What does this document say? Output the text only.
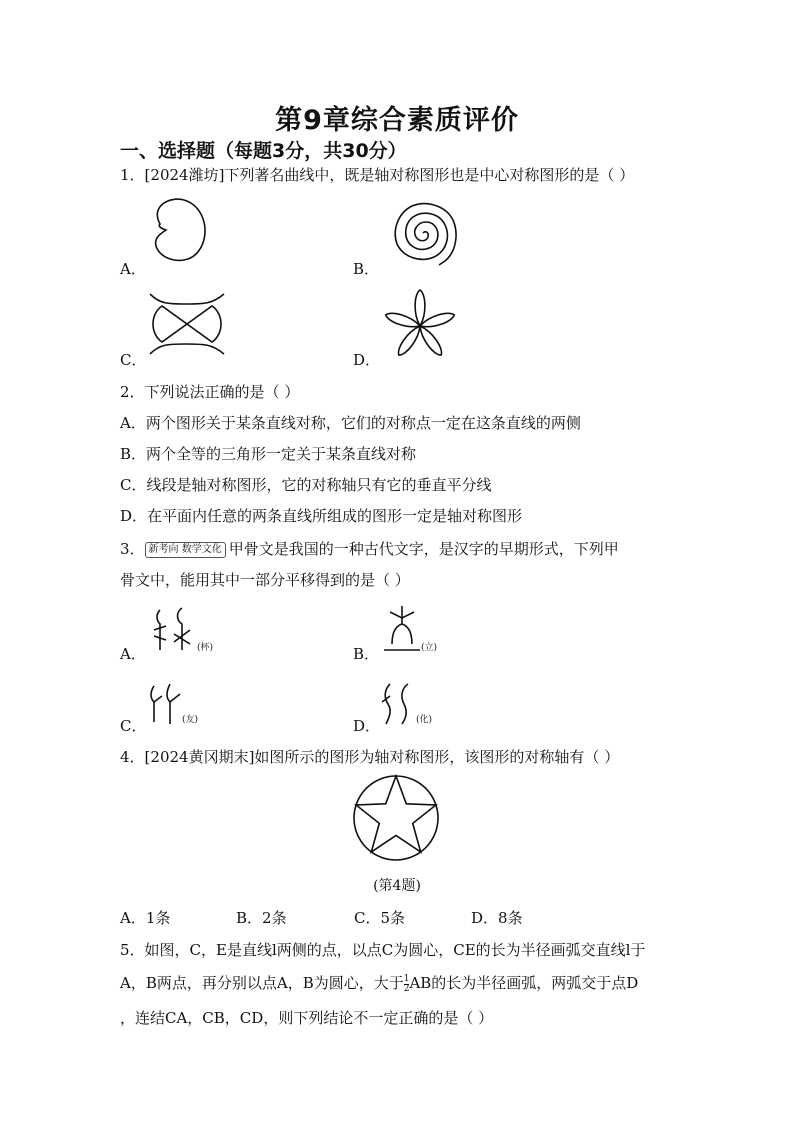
第9章综合素质评价
一、选择题（每题3分，共30分）
1．[2024潍坊]下列著名曲线中，既是轴对称图形也是中心对称图形的是（ ）
A．	B．
C．	D．
2．下列说法正确的是（ ）
A．两个图形关于某条直线对称，它们的对称点一定在这条直线的两侧
B．两个全等的三角形一定关于某条直线对称
C．线段是轴对称图形，它的对称轴只有它的垂直平分线
D．在平面内任意的两条直线所组成的图形一定是轴对称图形
3． 新考向 数学文化 甲骨文是我国的一种古代文字，是汉字的早期形式，下列甲
骨文中，能用其中一部分平移得到的是（ ）
A．	(杯)	B．	(立)
C．	(友)	D．	(化)
4．[2024黄冈期末]如图所示的图形为轴对称图形，该图形的对称轴有（ ）
(第4题)
A．1条	B．2条	C．5条	D．8条
5．如图，C，E是直线l两侧的点，以点C为圆心，CE的长为半径画弧交直线l于
A，B两点，再分别以点A，B为圆心，大于 $\frac{1}{2}$ AB的长为半径画弧，两弧交于点D
，连结CA，CB，CD，则下列结论不一定正确的是（ ）
